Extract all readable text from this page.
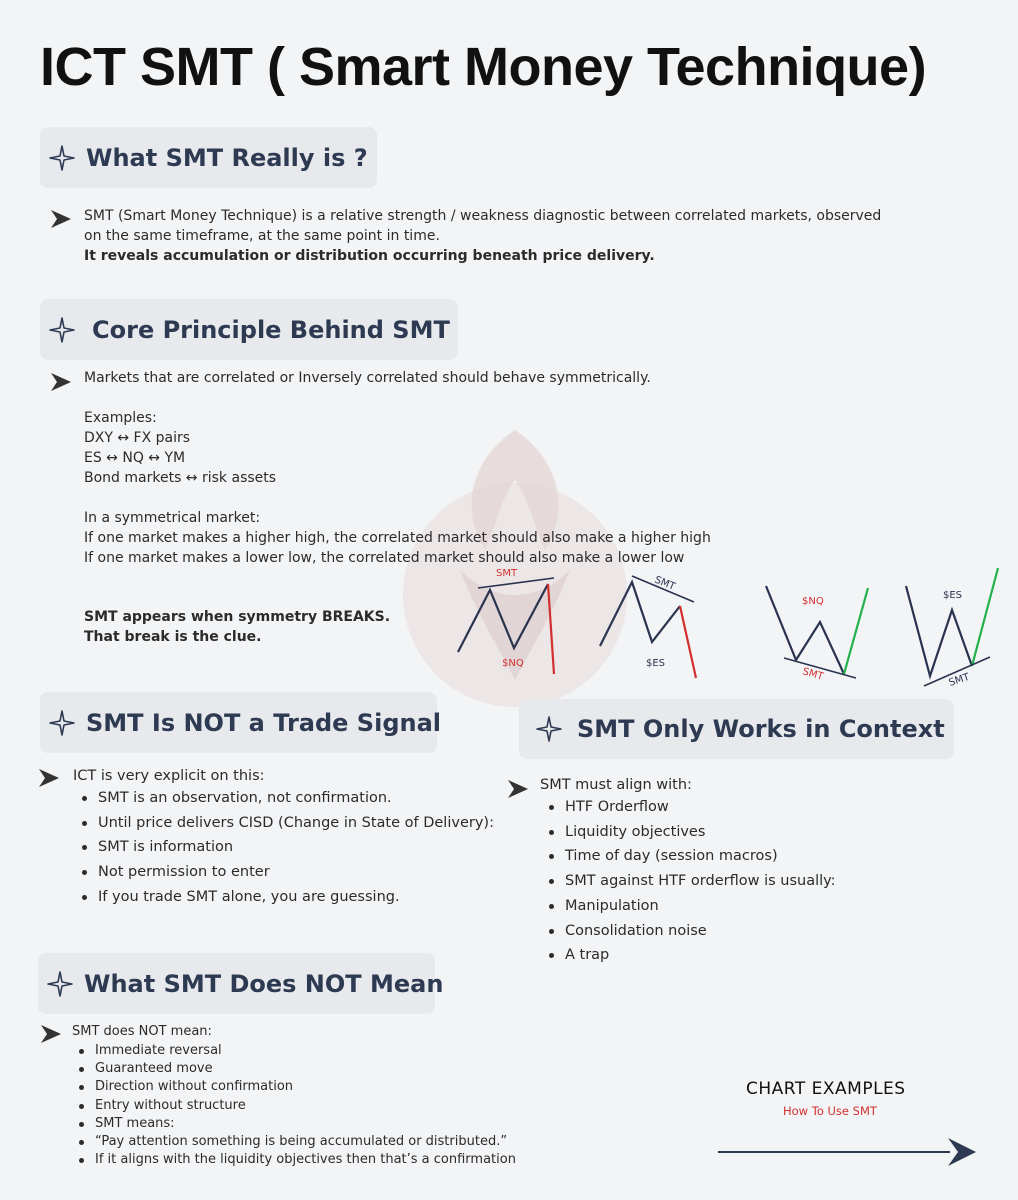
ICT SMT ( Smart Money Technique)
What SMT Really is ?
SMT (Smart Money Technique) is a relative strength / weakness diagnostic between correlated markets, observed
on the same timeframe, at the same point in time.
It reveals accumulation or distribution occurring beneath price delivery.
Core Principle Behind SMT
Markets that are correlated or Inversely correlated should behave symmetrically.
Examples:
DXY ↔ FX pairs
ES ↔ NQ ↔ YM
Bond markets ↔ risk assets
In a symmetrical market:
If one market makes a higher high, the correlated market should also make a higher high
If one market makes a lower low, the correlated market should also make a lower low
SMT appears when symmetry BREAKS.
That break is the clue.
SMT
$NQ
SMT
$ES
$NQ
SMT
$ES
SMT
SMT Is NOT a Trade Signal
ICT is very explicit on this:
SMT is an observation, not confirmation.
Until price delivers CISD (Change in State of Delivery):
SMT is information
Not permission to enter
If you trade SMT alone, you are guessing.
SMT Only Works in Context
SMT must align with:
HTF Orderflow
Liquidity objectives
Time of day (session macros)
SMT against HTF orderflow is usually:
Manipulation
Consolidation noise
A trap
What SMT Does NOT Mean
SMT does NOT mean:
Immediate reversal
Guaranteed move
Direction without confirmation
Entry without structure
SMT means:
“Pay attention something is being accumulated or distributed.”
If it aligns with the liquidity objectives then that’s a confirmation
CHART EXAMPLES
How To Use SMT
